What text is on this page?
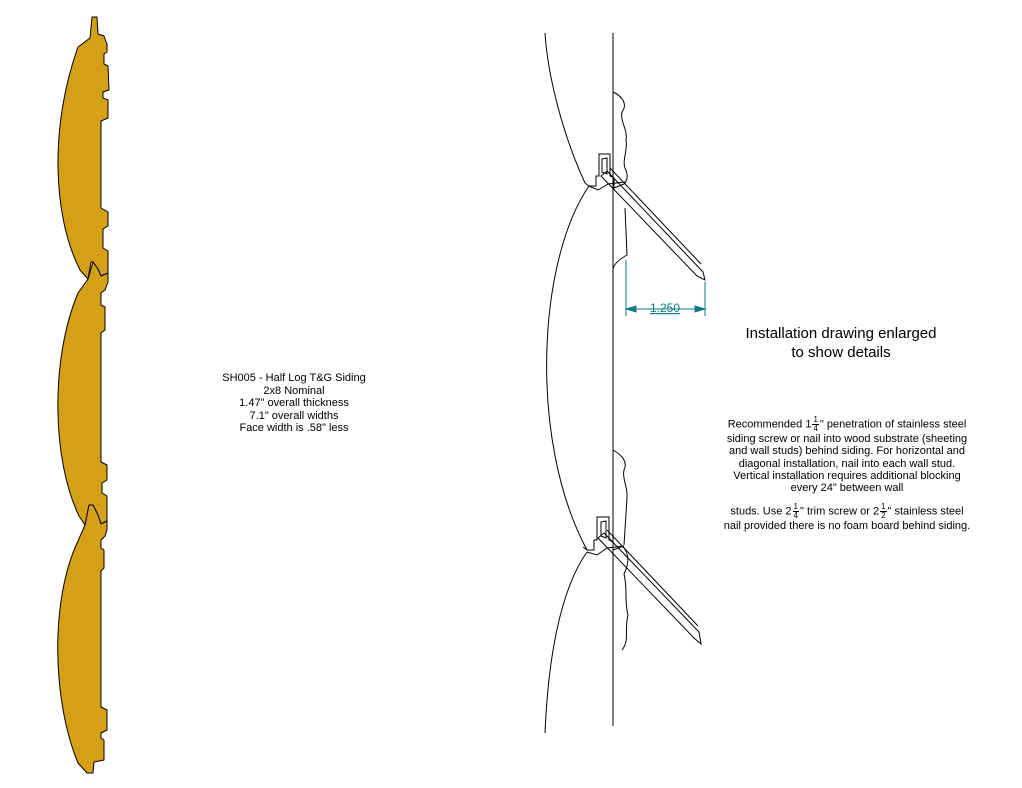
1.250
SH005 - Half Log T&G Siding
2x8 Nominal
1.47" overall thickness
7.1" overall widths
Face width is .58" less
Installation drawing enlarged
to show details

Recommended $1 \frac{1}{4}$ " penetration of stainless steel siding screw or nail into wood substrate (sheeting and wall studs) behind siding. For horizontal and diagonal installation, nail into each wall stud. Vertical installation requires additional blocking every 24" between wall

studs. Use $2 \frac{1}{4}$ " trim screw or $2 \frac{1}{2}$ " stainless steel nail provided there is no foam board behind siding.
